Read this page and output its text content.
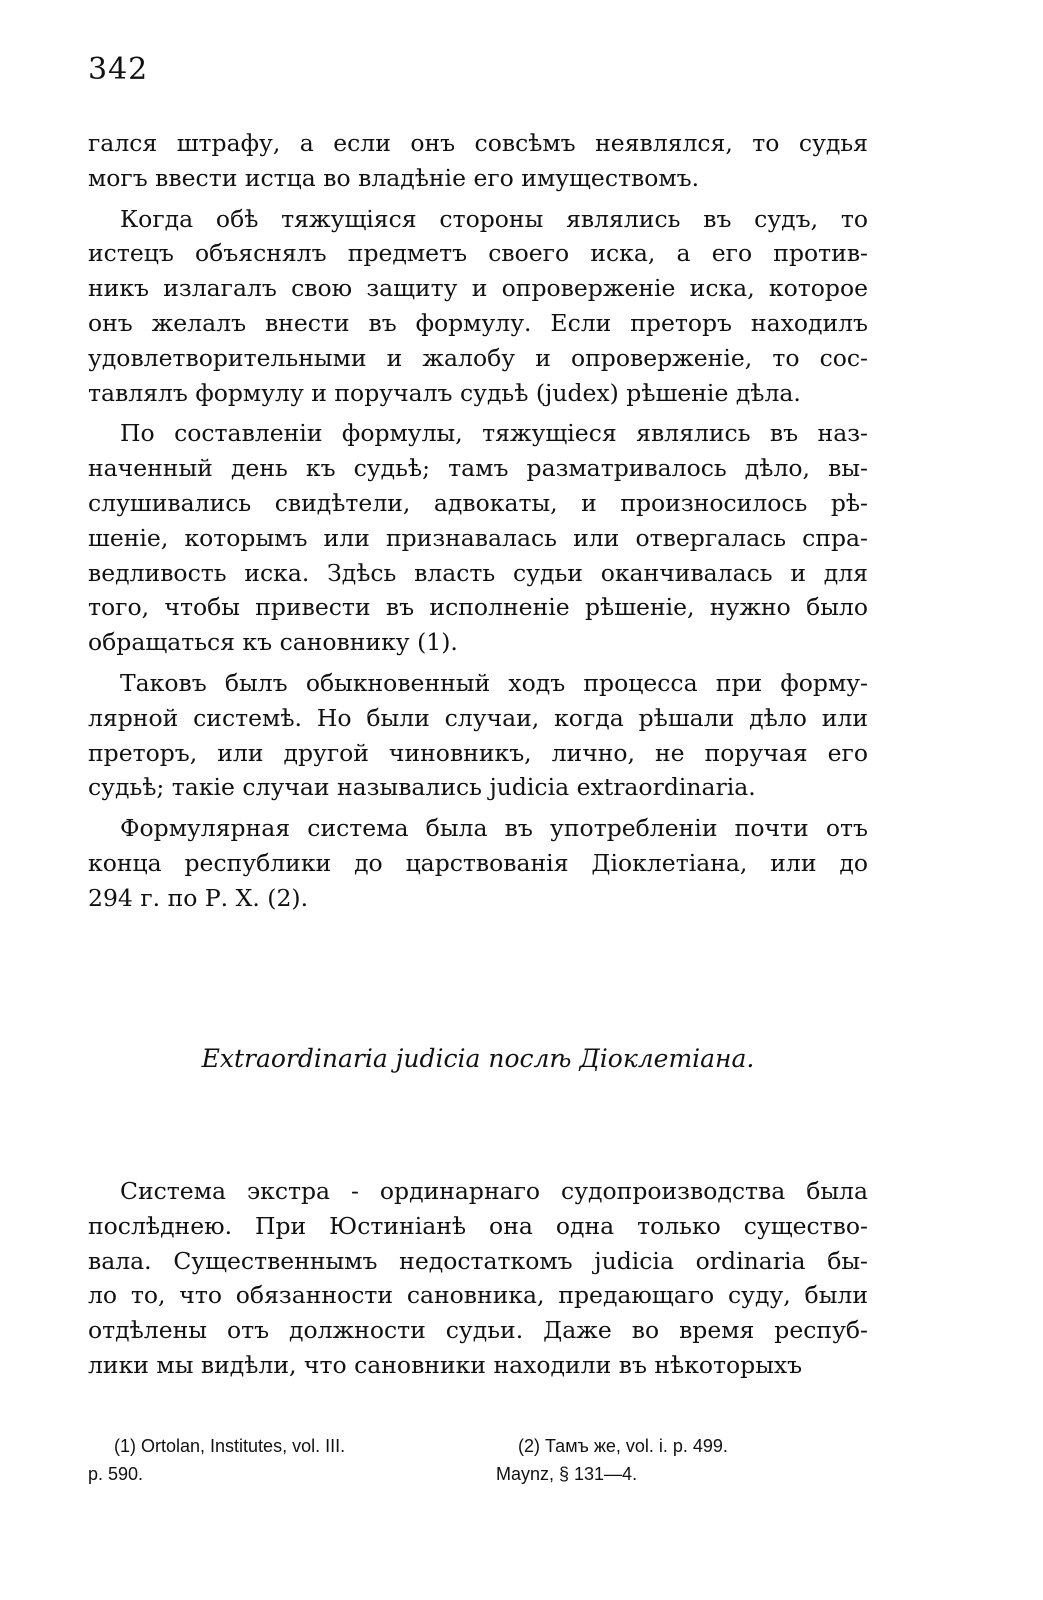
342
гался штрафу, а если онъ совсѣмъ неявлялся, то судья
могъ ввести истца во владѣніе его имуществомъ.
Когда обѣ тяжущіяся стороны являлись въ судъ, то
истецъ объяснялъ предметъ своего иска, а его против-
никъ излагалъ свою защиту и опроверженіе иска, которое
онъ желалъ внести въ формулу. Если преторъ находилъ
удовлетворительными и жалобу и опроверженіе, то сос-
тавлялъ формулу и поручалъ судьѣ (judex) рѣшеніе дѣла.
По составленіи формулы, тяжущіеся являлись въ наз-
наченный день къ судьѣ; тамъ разматривалось дѣло, вы-
слушивались свидѣтели, адвокаты, и произносилось рѣ-
шеніе, которымъ или признавалась или отвергалась спра-
ведливость иска. Здѣсь власть судьи оканчивалась и для
того, чтобы привести въ исполненіе рѣшеніе, нужно было
обращаться къ сановнику (1).
Таковъ былъ обыкновенный ходъ процесса при форму-
лярной системѣ. Но были случаи, когда рѣшали дѣло или
преторъ, или другой чиновникъ, лично, не поручая его
судьѣ; такіе случаи назывались judicia extraordinaria.
Формулярная система была въ употребленіи почти отъ
конца республики до царствованія Діоклетіана, или до
294 г. по Р. Х. (2).
Extraordinaria judicia послѣ Діоклетіана.
Система экстра - ординарнаго судопроизводства была
послѣднею. При Юстиніанѣ она одна только существо-
вала. Существеннымъ недостаткомъ judicia ordinaria бы-
ло то, что обязанности сановника, предающаго суду, были
отдѣлены отъ должности судьи. Даже во время респуб-
лики мы видѣли, что сановники находили въ нѣкоторыхъ
(1) Ortolan, Institutes, vol. III.	(2) Тамъ же, vol. i. p. 499.
p. 590.	Maynz, § 131—4.
